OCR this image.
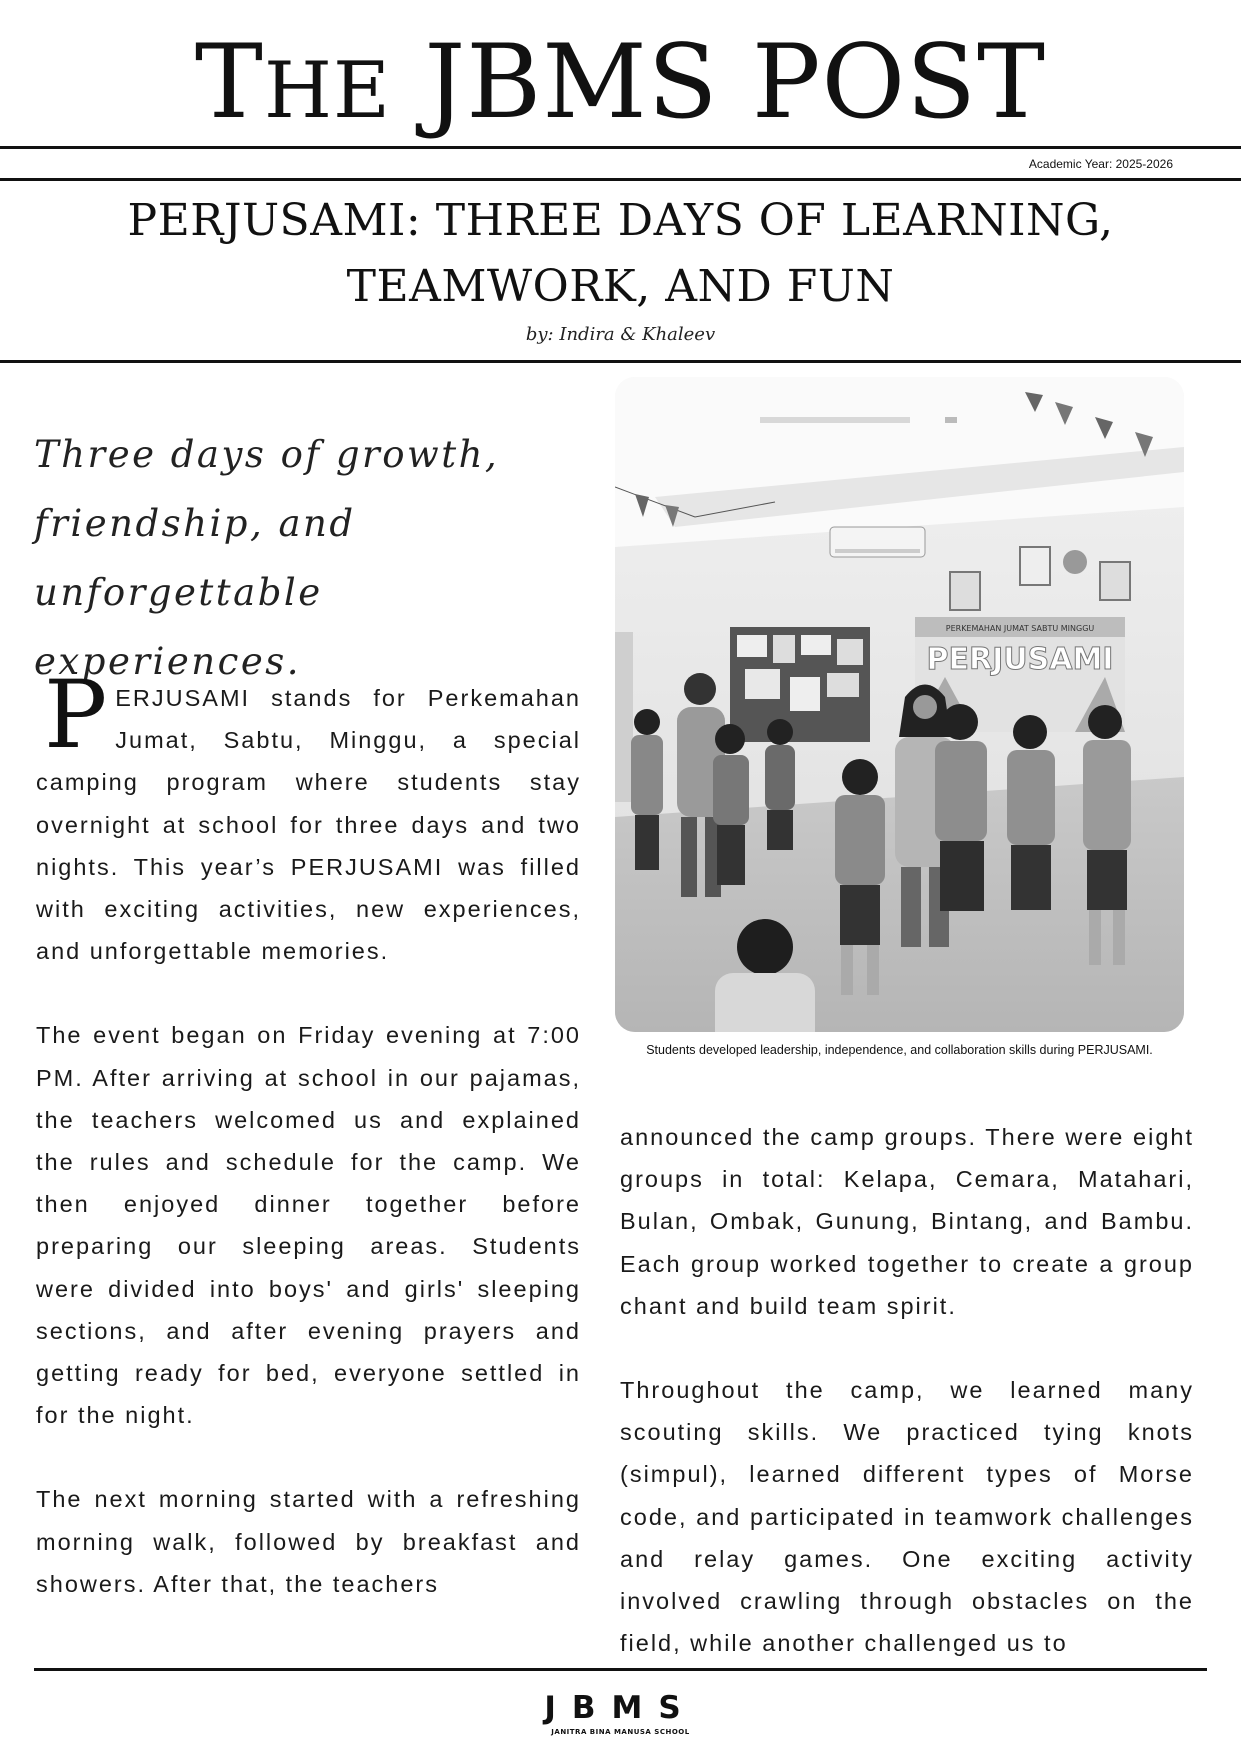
THE JBMS POST
Academic Year: 2025-2026
PERJUSAMI: THREE DAYS OF LEARNING,
TEAMWORK, AND FUN
by: Indira & Khaleev
Three days of growth, friendship, and unforgettable experiences.

PERJUSAMI stands for Perkemahan Jumat, Sabtu, Minggu, a special camping program where students stay overnight at school for three days and two nights. This year’s PERJUSAMI was filled with exciting activities, new experiences, and unforgettable memories.

The event began on Friday evening at 7:00 PM. After arriving at school in our pajamas, the teachers welcomed us and explained the rules and schedule for the camp. We then enjoyed dinner together before preparing our sleeping areas. Students were divided into boys' and girls' sleeping sections, and after evening prayers and getting ready for bed, everyone settled in for the night.

The next morning started with a refreshing morning walk, followed by breakfast and showers. After that, the teachers

PERKEMAHAN JUMAT SABTU MINGGU
PERJUSAMI
Students developed leadership, independence, and collaboration skills during PERJUSAMI.

announced the camp groups. There were eight groups in total: Kelapa, Cemara, Matahari, Bulan, Ombak, Gunung, Bintang, and Bambu. Each group worked together to create a group chant and build team spirit.

Throughout the camp, we learned many scouting skills. We practiced tying knots (simpul), learned different types of Morse code, and participated in teamwork challenges and relay games. One exciting activity involved crawling through obstacles on the field, while another challenged us to

JBMS
JANITRA BINA MANUSA SCHOOL
